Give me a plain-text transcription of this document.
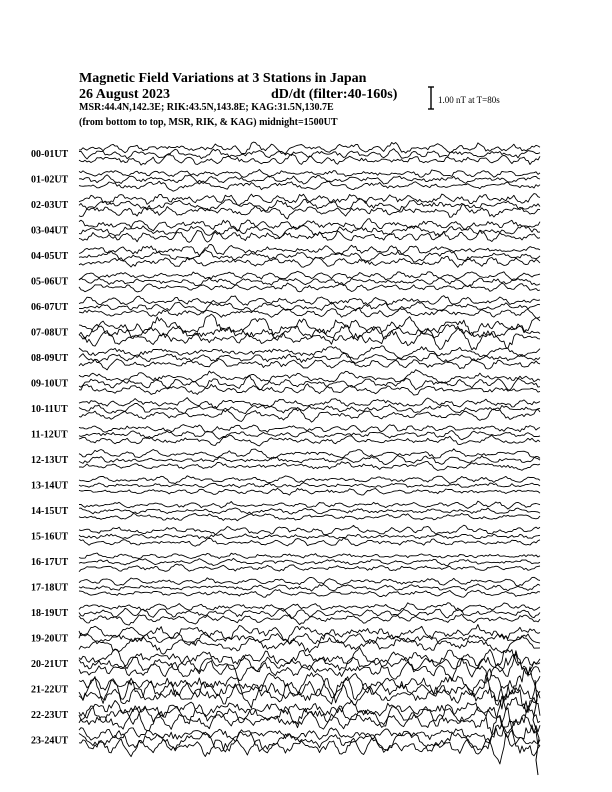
Magnetic Field Variations at 3 Stations in Japan
26 August 2023	dD/dt (filter:40-160s)
MSR:44.4N,142.3E; RIK:43.5N,143.8E; KAG:31.5N,130.7E
(from bottom to top, MSR, RIK, & KAG) midnight=1500UT
1.00 nT at T=80s
00-01UT
01-02UT
02-03UT
03-04UT
04-05UT
05-06UT
06-07UT
07-08UT
08-09UT
09-10UT
10-11UT
11-12UT
12-13UT
13-14UT
14-15UT
15-16UT
16-17UT
17-18UT
18-19UT
19-20UT
20-21UT
21-22UT
22-23UT
23-24UT
